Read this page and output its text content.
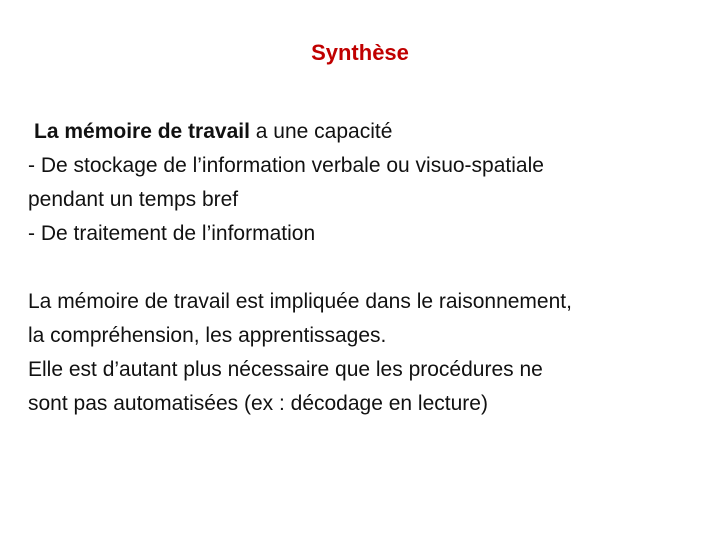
Synthèse
La mémoire de travail a une capacité
- De stockage de l’information verbale ou visuo-spatiale
pendant un temps bref
- De traitement de l’information
La mémoire de travail est impliquée dans le raisonnement,
la compréhension, les apprentissages.
Elle est d’autant plus nécessaire que les procédures ne
sont pas automatisées (ex : décodage en lecture)
